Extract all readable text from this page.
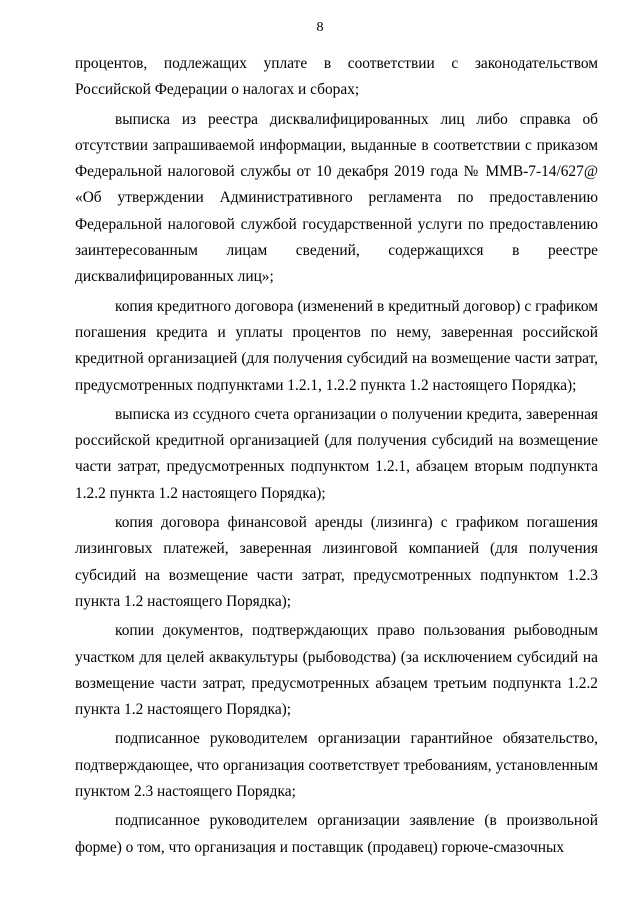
8

процентов, подлежащих уплате в соответствии с законодательством Российской Федерации о налогах и сборах;

выписка из реестра дисквалифицированных лиц либо справка об отсутствии запрашиваемой информации, выданные в соответствии с приказом Федеральной налоговой службы от 10 декабря 2019 года № ММВ-7-14/627@ «Об утверждении Административного регламента по предоставлению Федеральной налоговой службой государственной услуги по предоставлению заинтересованным лицам сведений, содержащихся в реестре дисквалифицированных лиц»;

копия кредитного договора (изменений в кредитный договор) с графиком погашения кредита и уплаты процентов по нему, заверенная российской кредитной организацией (для получения субсидий на возмещение части затрат, предусмотренных подпунктами 1.2.1, 1.2.2 пункта 1.2 настоящего Порядка);

выписка из ссудного счета организации о получении кредита, заверенная российской кредитной организацией (для получения субсидий на возмещение части затрат, предусмотренных подпунктом 1.2.1, абзацем вторым подпункта 1.2.2 пункта 1.2 настоящего Порядка);

копия договора финансовой аренды (лизинга) с графиком погашения лизинговых платежей, заверенная лизинговой компанией (для получения субсидий на возмещение части затрат, предусмотренных подпунктом 1.2.3 пункта 1.2 настоящего Порядка);

копии документов, подтверждающих право пользования рыбоводным участком для целей аквакультуры (рыбоводства) (за исключением субсидий на возмещение части затрат, предусмотренных абзацем третьим подпункта 1.2.2 пункта 1.2 настоящего Порядка);

подписанное руководителем организации гарантийное обязательство, подтверждающее, что организация соответствует требованиям, установленным пунктом 2.3 настоящего Порядка;

подписанное руководителем организации заявление (в произвольной форме) о том, что организация и поставщик (продавец) горюче-смазочных
